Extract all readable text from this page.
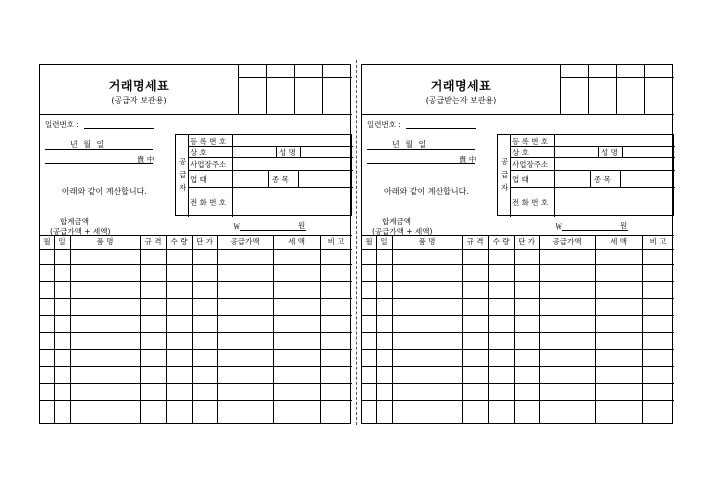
거래명세표
(공급자 보관용)
일련번호 :
년 월 일
貴 中
아래와 같이 계산합니다.
공
급
자
등 록 번 호
상 호	성 명
사업장주소
업 태	종 목
전 화 번 호
합계금액
(공급가액 + 세액)
￦	원
월	일	품 명	규 격	수 량	단 가	공급가액	세 액	비 고
거래명세표
(공급받는자 보관용)
일련번호 :
년 월 일
貴 中
아래와 같이 계산합니다.
공
급
자
등 록 번 호
상 호	성 명
사업장주소
업 태	종 목
전 화 번 호
합계금액
(공급가액 + 세액)
￦	원
월	일	품 명	규 격	수 량	단 가	공급가액	세 액	비 고
